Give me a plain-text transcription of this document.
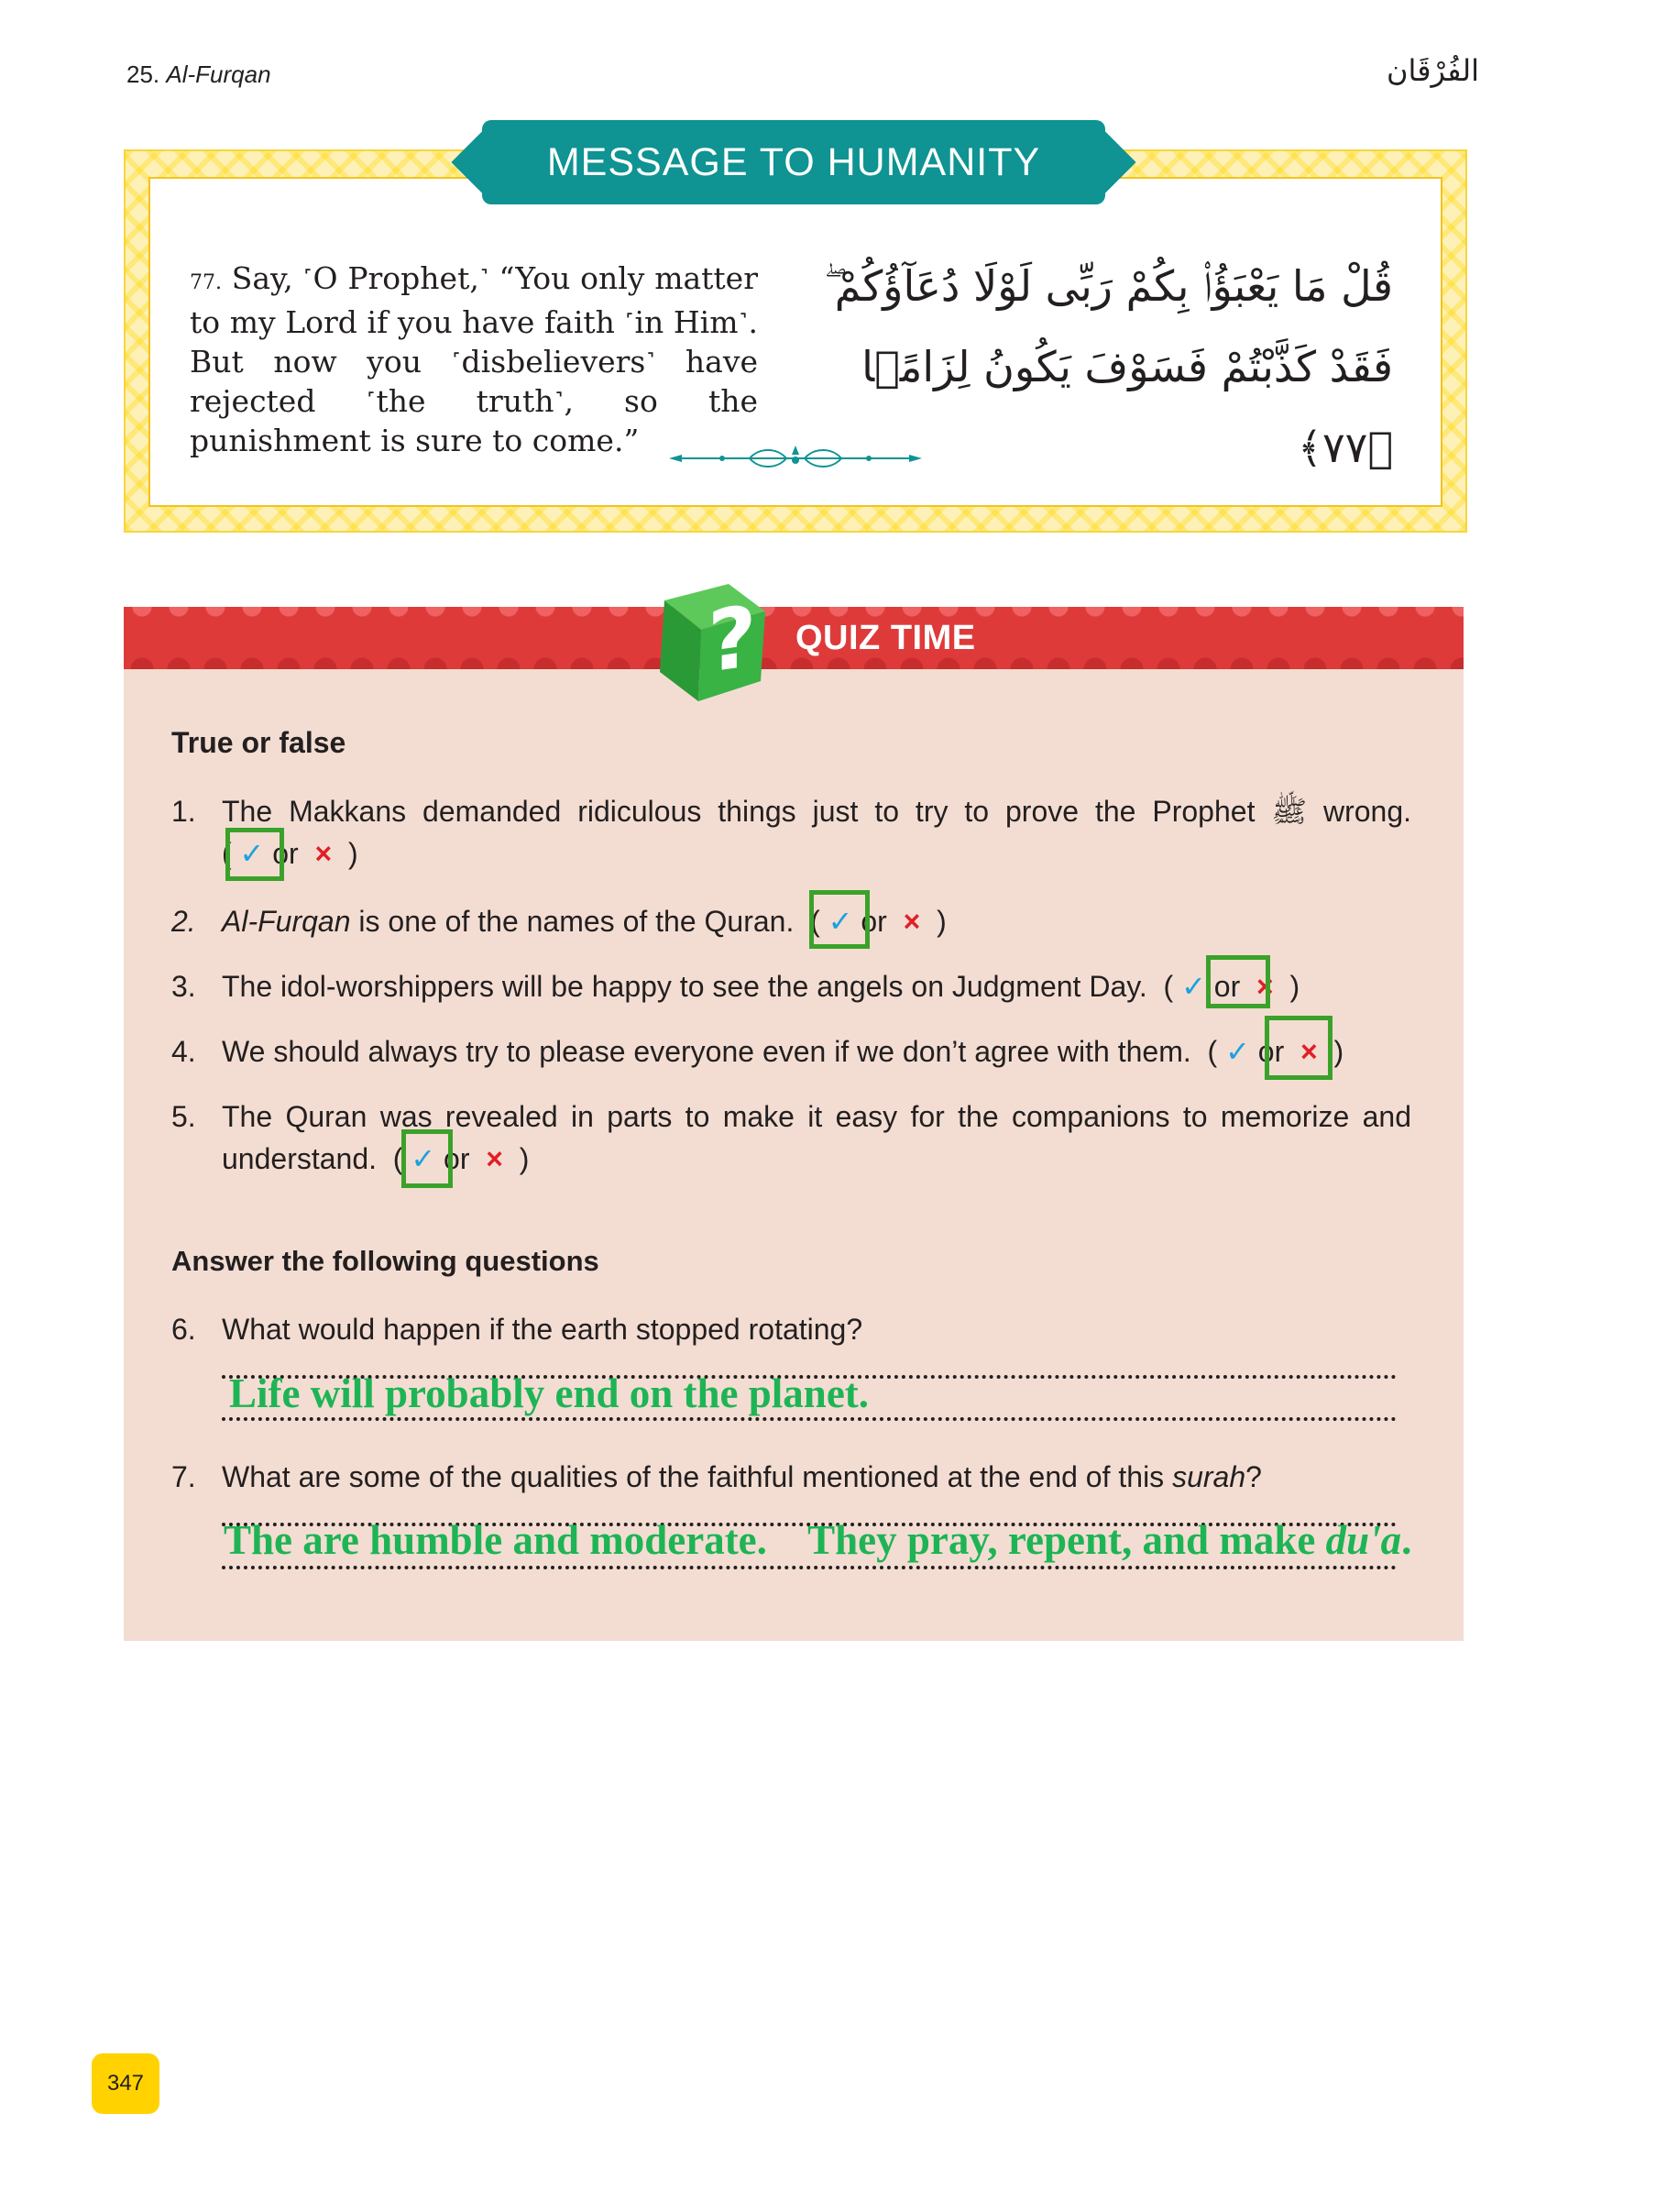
25. Al-Furqan	الفُرْقَان
MESSAGE TO HUMANITY
77. Say, ˹O Prophet,˺ “You only matter to my Lord if you have faith ˹in Him˺. But now you ˹disbelievers˺ have rejected ˹the truth˺, so the punishment is sure to come.”
قُلْ مَا يَعْبَؤُا۟ بِكُمْ رَبِّى لَوْلَا دُعَآؤُكُمْ ۖ
فَقَدْ كَذَّبْتُمْ فَسَوْفَ يَكُونُ لِزَامًۢا ﴿٧٧﴾
? QUIZ TIME
True or false
1. The Makkans demanded ridiculous things just to try to prove the Prophet ﷺ wrong.
( ✓ or × )
2. Al-Furqan is one of the names of the Quran. ( ✓ or × )
3. The idol-worshippers will be happy to see the angels on Judgment Day. ( ✓ or × )
4. We should always try to please everyone even if we don’t agree with them. ( ✓ or × )
5. The Quran was revealed in parts to make it easy for the companions to memorize and
understand. ( ✓ or × )
Answer the following questions
6. What would happen if the earth stopped rotating?
Life will probably end on the planet.
7. What are some of the qualities of the faithful mentioned at the end of this surah?
The are humble and moderate.    They pray, repent, and make du'a.
347
